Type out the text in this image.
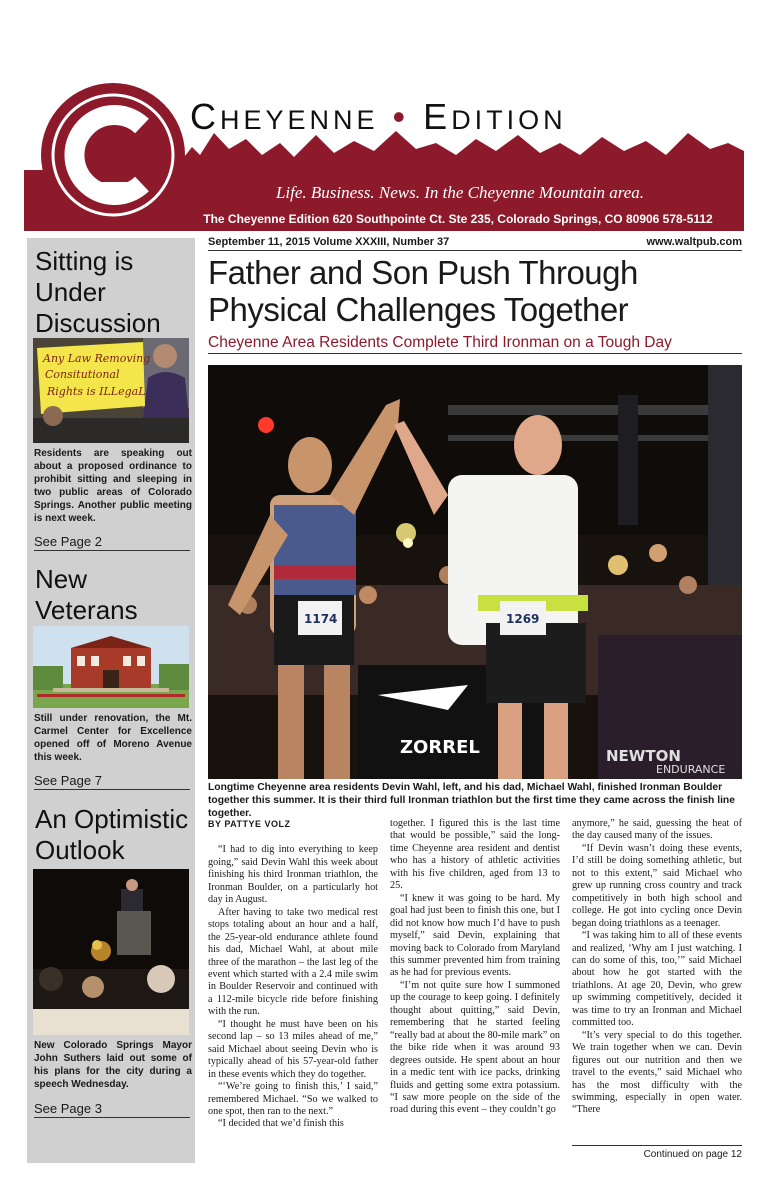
CHEYENNE • EDITION
Life. Business. News. In the Cheyenne Mountain area.
The Cheyenne Edition 620 Southpointe Ct. Ste 235, Colorado Springs, CO 80906 578-5112
Sitting is Under Discussion
Any Law Removing
Consitutional
Rights is ILLegaL
Residents are speaking out about a proposed ordinance to prohibit sitting and sleeping in two public areas of Colorado Springs. Another public meeting is next week.
See Page 2
New Veterans
Still under renovation, the Mt. Carmel Center for Excellence opened off of Moreno Avenue this week.
See Page 7
An Optimistic Outlook
New Colorado Springs Mayor John Suthers laid out some of his plans for the city during a speech Wednesday.
See Page 3
September 11, 2015 Volume XXXIII, Number 37	www.waltpub.com
Father and Son Push Through Physical Challenges Together
Cheyenne Area Residents Complete Third Ironman on a Tough Day
ZORREL	NEWTON
ENDURANCE
1174	1269
Longtime Cheyenne area residents Devin Wahl, left, and his dad, Michael Wahl, finished Ironman Boulder together this summer. It is their third full Ironman triathlon but the first time they came across the finish line together.

BY PATTYE VOLZ

“I had to dig into everything to keep going,” said Devin Wahl this week about finishing his third Ironman triathlon, the Ironman Boulder, on a particularly hot day in August.

After having to take two medical rest stops totaling about an hour and a half, the 25-year-old endurance athlete found his dad, Michael Wahl, at about mile three of the marathon – the last leg of the event which started with a 2.4 mile swim in Boulder Reservoir and continued with a 112-mile bicycle ride before finishing with the run.

“I thought he must have been on his second lap – so 13 miles ahead of me,” said Michael about seeing Devin who is typically ahead of his 57-year-old father in these events which they do together.

“‘We’re going to finish this,’ I said,” remembered Michael. “So we walked to one spot, then ran to the next.”

“I decided that we’d finish this

together. I figured this is the last time that would be possible,” said the long-time Cheyenne area resident and dentist who has a history of athletic activities with his five children, aged from 13 to 25.

“I knew it was going to be hard. My goal had just been to finish this one, but I did not know how much I’d have to push myself,” said Devin, explaining that moving back to Colorado from Maryland this summer prevented him from training as he had for previous events.

“I’m not quite sure how I summoned up the courage to keep going. I definitely thought about quitting,” said Devin, remembering that he started feeling “really bad at about the 80-mile mark” on the bike ride when it was around 93 degrees outside. He spent about an hour in a medic tent with ice packs, drinking fluids and getting some extra potassium. “I saw more people on the side of the road during this event – they couldn’t go

anymore,” he said, guessing the heat of the day caused many of the issues.

“If Devin wasn’t doing these events, I’d still be doing something athletic, but not to this extent,” said Michael who grew up running cross country and track competitively in both high school and college. He got into cycling once Devin began doing triathlons as a teenager.

“I was taking him to all of these events and realized, ‘Why am I just watching. I can do some of this, too,’” said Michael about how he got started with the triathlons. At age 20, Devin, who grew up swimming competitively, decided it was time to try an Ironman and Michael committed too.

“It’s very special to do this together. We train together when we can. Devin figures out our nutrition and then we travel to the events,” said Michael who has the most difficulty with the swimming, especially in open water. “There

Continued on page 12
